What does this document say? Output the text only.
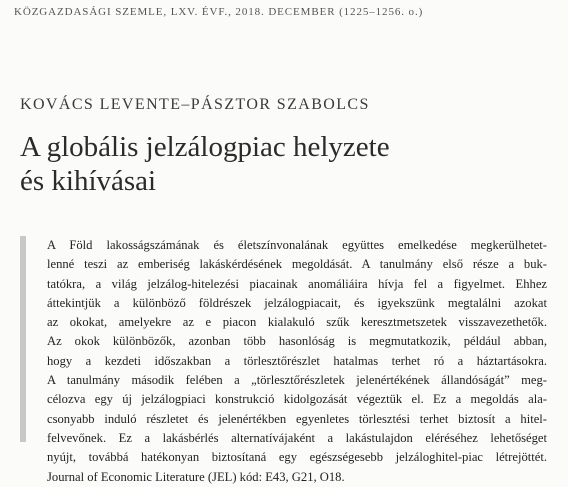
KÖZGAZDASÁGI SZEMLE, LXV. ÉVF., 2018. DECEMBER (1225–1256. o.)
KOVÁCS LEVENTE–PÁSZTOR SZABOLCS
A globális jelzálogpiac helyzete
és kihívásai
A Föld lakosságszámának és életszínvonalának együttes emelkedése megkerülhetet-
lenné teszi az emberiség lakáskérdésének megoldását. A tanulmány első része a buk-
tatókra, a világ jelzálog-hitelezési piacainak anomáliáira hívja fel a figyelmet. Ehhez
áttekintjük a különböző földrészek jelzálogpiacait, és igyekszünk megtalálni azokat
az okokat, amelyekre az e piacon kialakuló szűk keresztmetszetek visszavezethetők.
Az okok különbözők, azonban több hasonlóság is megmutatkozik, például abban,
hogy a kezdeti időszakban a törlesztőrészlet hatalmas terhet ró a háztartásokra.
A tanulmány második felében a „törlesztőrészletek jelenértékének állandóságát” meg-
célozva egy új jelzálogpiaci konstrukció kidolgozását végeztük el. Ez a megoldás ala-
csonyabb induló részletet és jelenértékben egyenletes törlesztési terhet biztosít a hitel-
felvevőnek. Ez a lakásbérlés alternatívájaként a lakástulajdon eléréséhez lehetőséget
nyújt, továbbá hatékonyan biztosítaná egy egészségesebb jelzáloghitel-piac létrejöttét.
Journal of Economic Literature (JEL) kód: E43, G21, O18.
